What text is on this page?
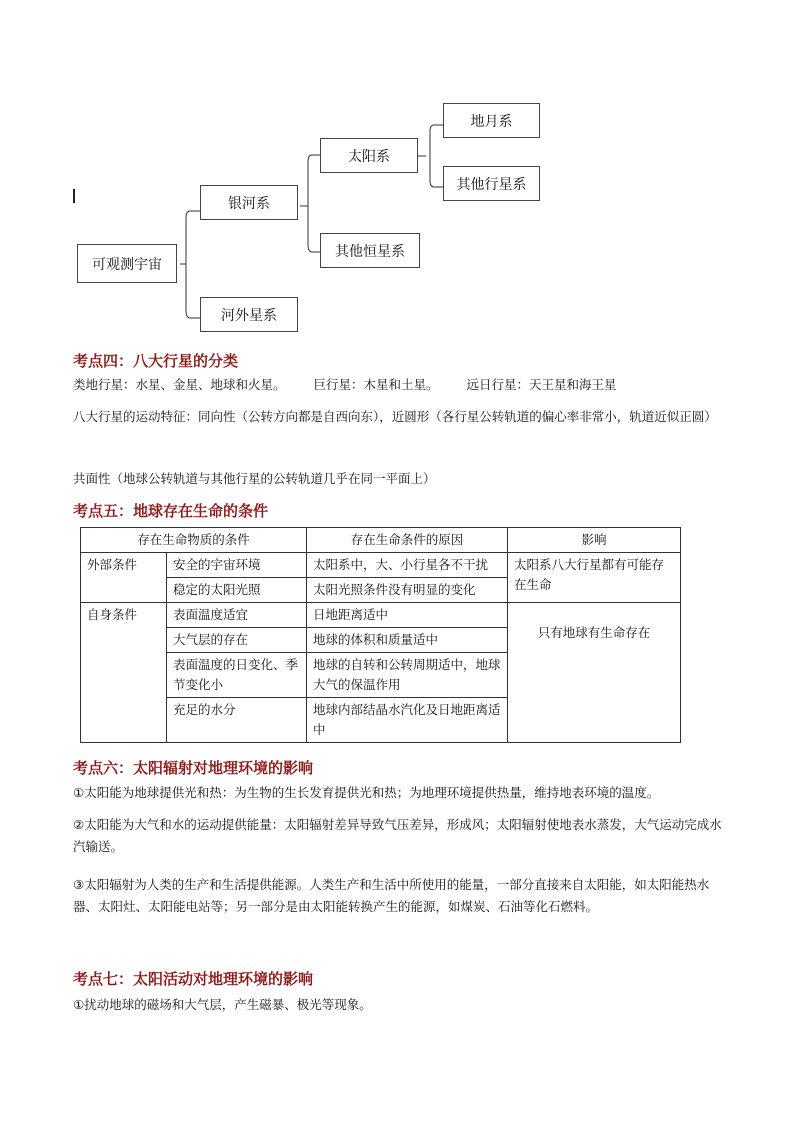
可观测宇宙
银河系
河外星系
太阳系
其他恒星系
地月系
其他行星系
考点四：八大行星的分类
类地行星：水星、金星、地球和火星。 巨行星：木星和土星。 远日行星：天王星和海王星
八大行星的运动特征：同向性（公转方向都是自西向东），近圆形（各行星公转轨道的偏心率非常小，轨道近似正圆）
共面性（地球公转轨道与其他行星的公转轨道几乎在同一平面上）
考点五：地球存在生命的条件
存在生命物质的条件		存在生命条件的原因	影响
外部条件	安全的宇宙环境	太阳系中，大、小行星各不干扰	太阳系八大行星都有可能存在生命
	稳定的太阳光照	太阳光照条件没有明显的变化	
自身条件	表面温度适宜	日地距离适中	只有地球有生命存在
	大气层的存在	地球的体积和质量适中	
	表面温度的日变化、季节变化小	地球的自转和公转周期适中，地球大气的保温作用	
	充足的水分	地球内部结晶水汽化及日地距离适中	
考点六：太阳辐射对地理环境的影响
①太阳能为地球提供光和热：为生物的生长发育提供光和热；为地理环境提供热量，维持地表环境的温度。
②太阳能为大气和水的运动提供能量：太阳辐射差异导致气压差异，形成风；太阳辐射使地表水蒸发，大气运动完成水汽输送。
③太阳辐射为人类的生产和生活提供能源。人类生产和生活中所使用的能量，一部分直接来自太阳能，如太阳能热水器、太阳灶、太阳能电站等；另一部分是由太阳能转换产生的能源，如煤炭、石油等化石燃料。
考点七：太阳活动对地理环境的影响
①扰动地球的磁场和大气层，产生磁暴、极光等现象。
